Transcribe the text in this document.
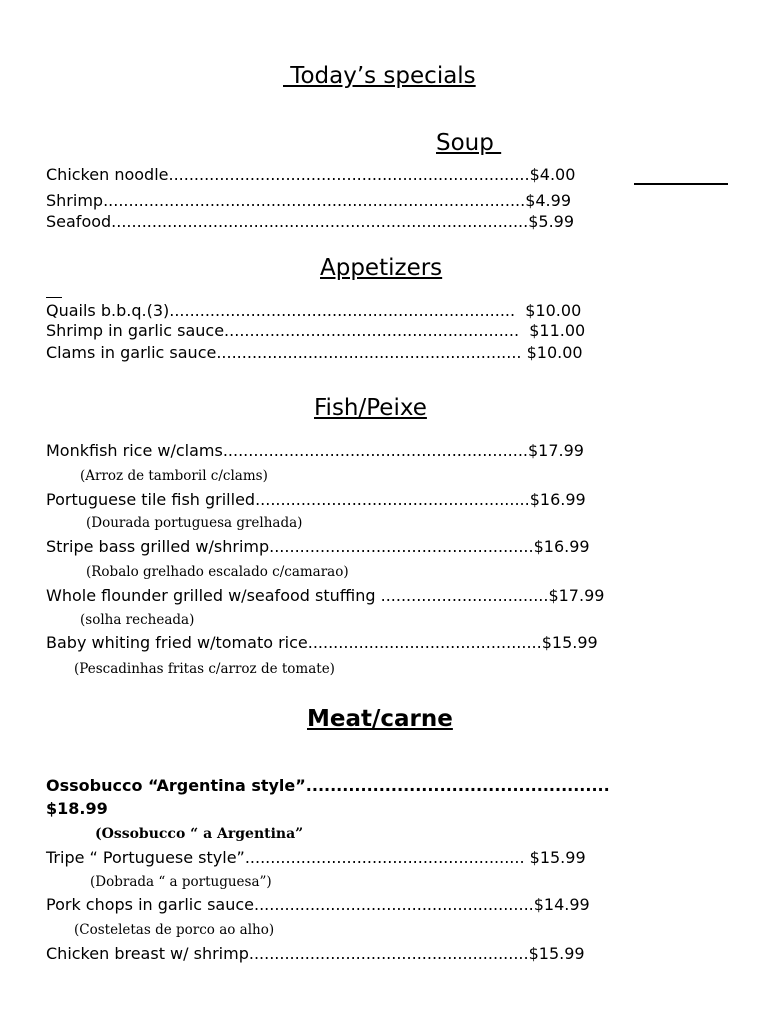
Today’s specials
Soup
Chicken noodle.......................................................................$4.00
Shrimp...................................................................................$4.99
Seafood..................................................................................$5.99
Appetizers
Quails b.b.q.(3)....................................................................  $10.00
Shrimp in garlic sauce..........................................................  $11.00
Clams in garlic sauce............................................................ $10.00
Fish/Peixe
Monkfish rice w/clams............................................................$17.99
(Arroz de tamboril c/clams)
Portuguese tile fish grilled......................................................$16.99
(Dourada portuguesa grelhada)
Stripe bass grilled w/shrimp....................................................$16.99
(Robalo grelhado escalado c/camarao)
Whole flounder grilled w/seafood stuffing .................................$17.99
(solha recheada)
Baby whiting fried w/tomato rice..............................................$15.99
(Pescadinhas fritas c/arroz de tomate)
Meat/carne
Ossobucco “Argentina style”..................................................
$18.99
(Ossobucco “ a Argentina”
Tripe “ Portuguese style”....................................................... $15.99
(Dobrada “ a portuguesa”)
Pork chops in garlic sauce.......................................................$14.99
(Costeletas de porco ao alho)
Chicken breast w/ shrimp.......................................................$15.99
